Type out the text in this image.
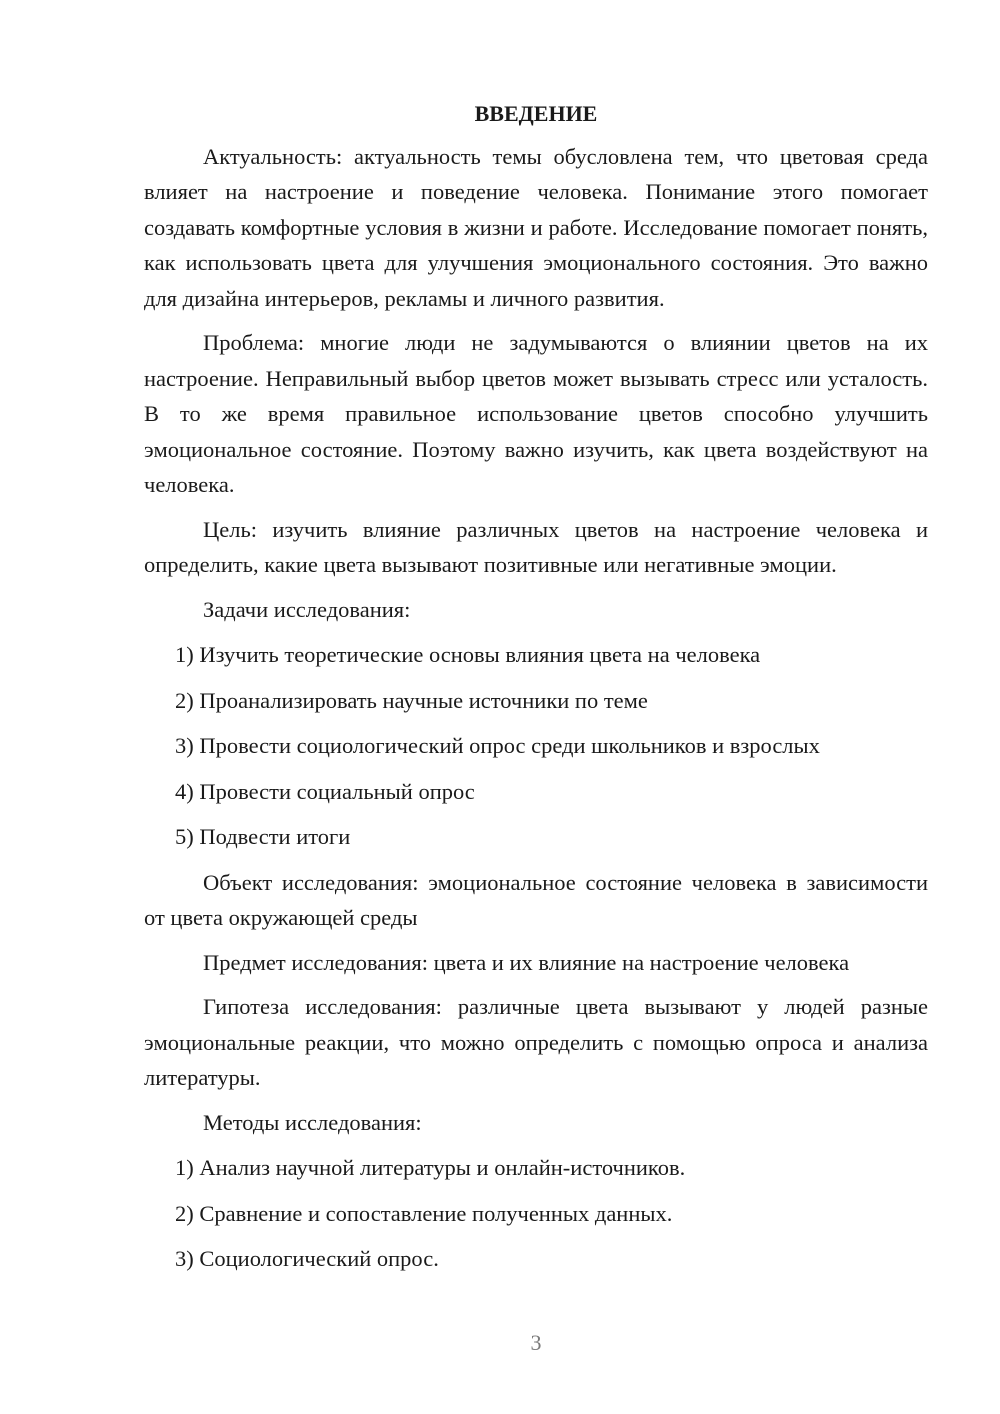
ВВЕДЕНИЕ

Актуальность: актуальность темы обусловлена тем, что цветовая среда влияет на настроение и поведение человека. Понимание этого помогает создавать комфортные условия в жизни и работе. Исследование помогает понять, как использовать цвета для улучшения эмоционального состояния. Это важно для дизайна интерьеров, рекламы и личного развития.

Проблема: многие люди не задумываются о влиянии цветов на их настроение. Неправильный выбор цветов может вызывать стресс или усталость. В то же время правильное использование цветов способно улучшить эмоциональное состояние. Поэтому важно изучить, как цвета воздействуют на человека.

Цель: изучить влияние различных цветов на настроение человека и определить, какие цвета вызывают позитивные или негативные эмоции.

Задачи исследования:

1) Изучить теоретические основы влияния цвета на человека
2) Проанализировать научные источники по теме
3) Провести социологический опрос среди школьников и взрослых
4) Провести социальный опрос
5) Подвести итоги

Объект исследования: эмоциональное состояние человека в зависимости от цвета окружающей среды

Предмет исследования: цвета и их влияние на настроение человека

Гипотеза исследования: различные цвета вызывают у людей разные эмоциональные реакции, что можно определить с помощью опроса и анализа литературы.

Методы исследования:

1) Анализ научной литературы и онлайн-источников.
2) Сравнение и сопоставление полученных данных.
3) Социологический опрос.
3
